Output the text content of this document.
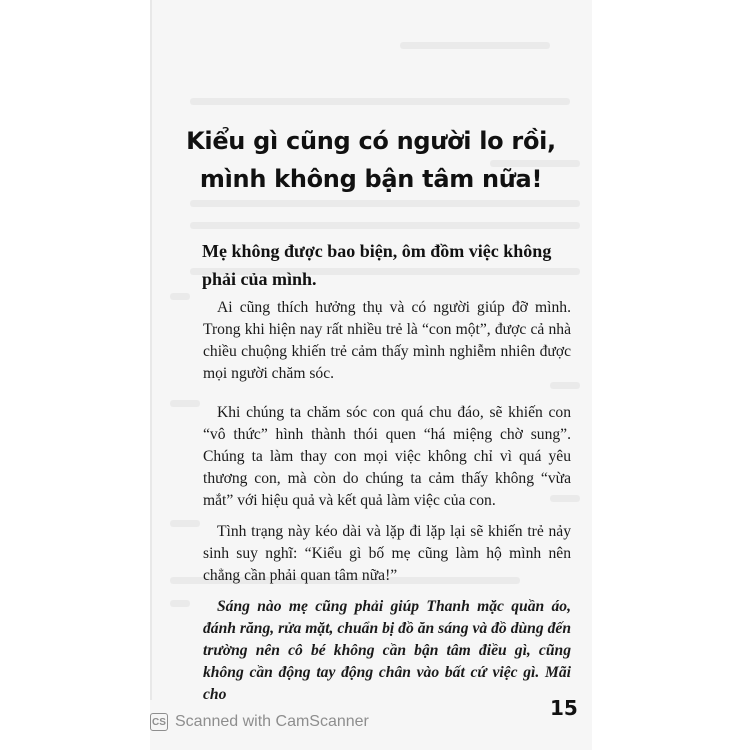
Kiểu gì cũng có người lo rồi,
mình không bận tâm nữa!
Mẹ không được bao biện, ôm đồm việc không phải của mình.

Ai cũng thích hưởng thụ và có người giúp đỡ mình. Trong khi hiện nay rất nhiều trẻ là “con một”, được cả nhà chiều chuộng khiến trẻ cảm thấy mình nghiễm nhiên được mọi người chăm sóc.

Khi chúng ta chăm sóc con quá chu đáo, sẽ khiến con “vô thức” hình thành thói quen “há miệng chờ sung”. Chúng ta làm thay con mọi việc không chỉ vì quá yêu thương con, mà còn do chúng ta cảm thấy không “vừa mắt” với hiệu quả và kết quả làm việc của con.

Tình trạng này kéo dài và lặp đi lặp lại sẽ khiến trẻ nảy sinh suy nghĩ: “Kiểu gì bố mẹ cũng làm hộ mình nên chẳng cần phải quan tâm nữa!”

Sáng nào mẹ cũng phải giúp Thanh mặc quần áo, đánh răng, rửa mặt, chuẩn bị đồ ăn sáng và đồ dùng đến trường nên cô bé không cần bận tâm điều gì, cũng không cần động tay động chân vào bất cứ việc gì. Mãi cho

15
CS Scanned with CamScanner
